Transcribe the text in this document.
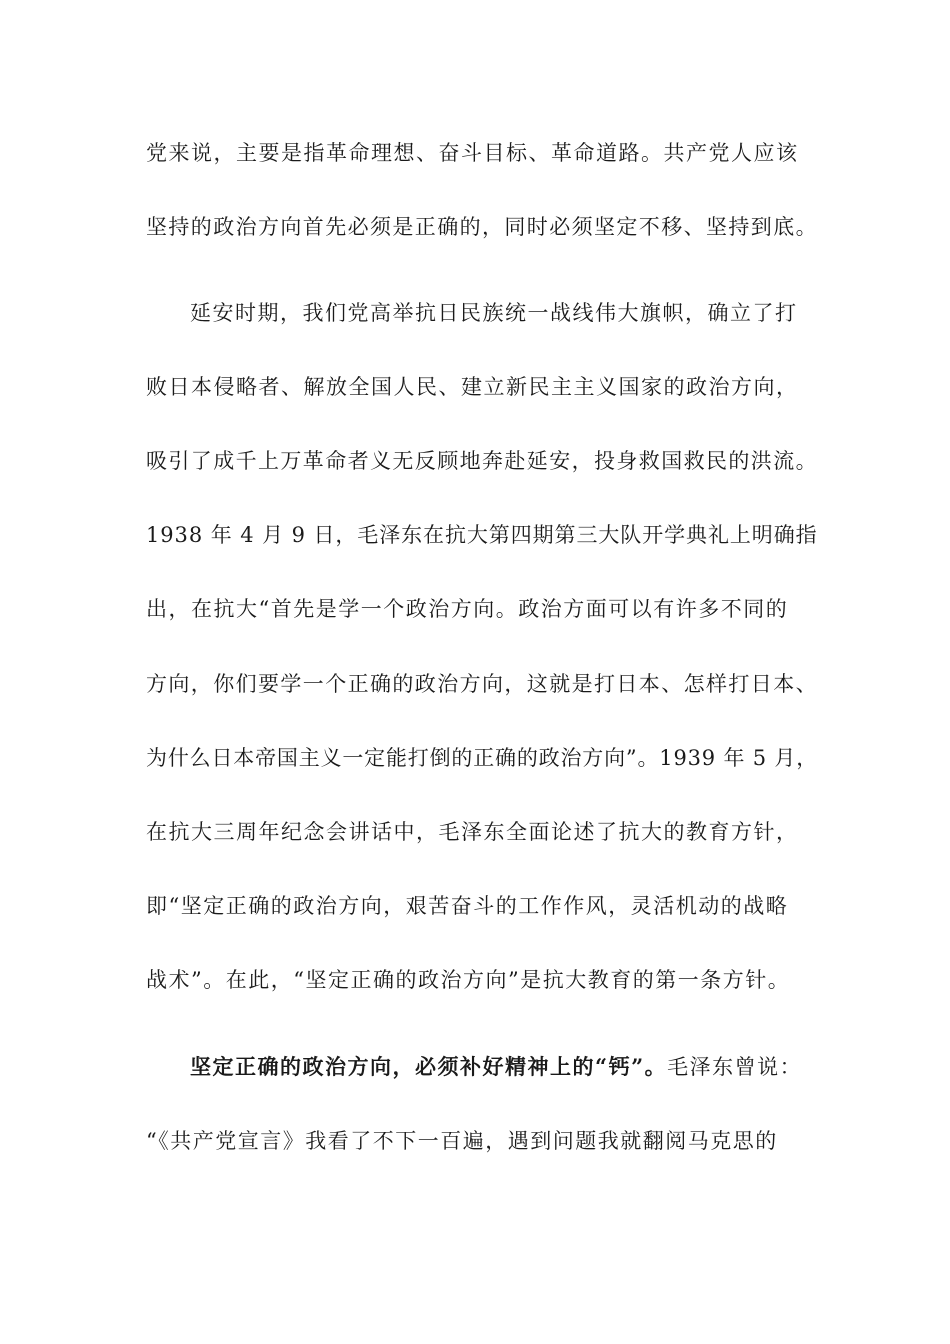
党来说，主要是指革命理想、奋斗目标、革命道路。共产党人应该
坚持的政治方向首先必须是正确的，同时必须坚定不移、坚持到底。
延安时期，我们党高举抗日民族统一战线伟大旗帜，确立了打
败日本侵略者、解放全国人民、建立新民主主义国家的政治方向，
吸引了成千上万革命者义无反顾地奔赴延安，投身救国救民的洪流。
1938 年 4 月 9 日，毛泽东在抗大第四期第三大队开学典礼上明确指
出，在抗大“首先是学一个政治方向。政治方面可以有许多不同的
方向，你们要学一个正确的政治方向，这就是打日本、怎样打日本、
为什么日本帝国主义一定能打倒的正确的政治方向”。1939 年 5 月，
在抗大三周年纪念会讲话中，毛泽东全面论述了抗大的教育方针，
即“坚定正确的政治方向，艰苦奋斗的工作作风，灵活机动的战略
战术”。在此，“坚定正确的政治方向”是抗大教育的第一条方针。
坚定正确的政治方向，必须补好精神上的“钙”。毛泽东曾说：
“《共产党宣言》我看了不下一百遍，遇到问题我就翻阅马克思的
